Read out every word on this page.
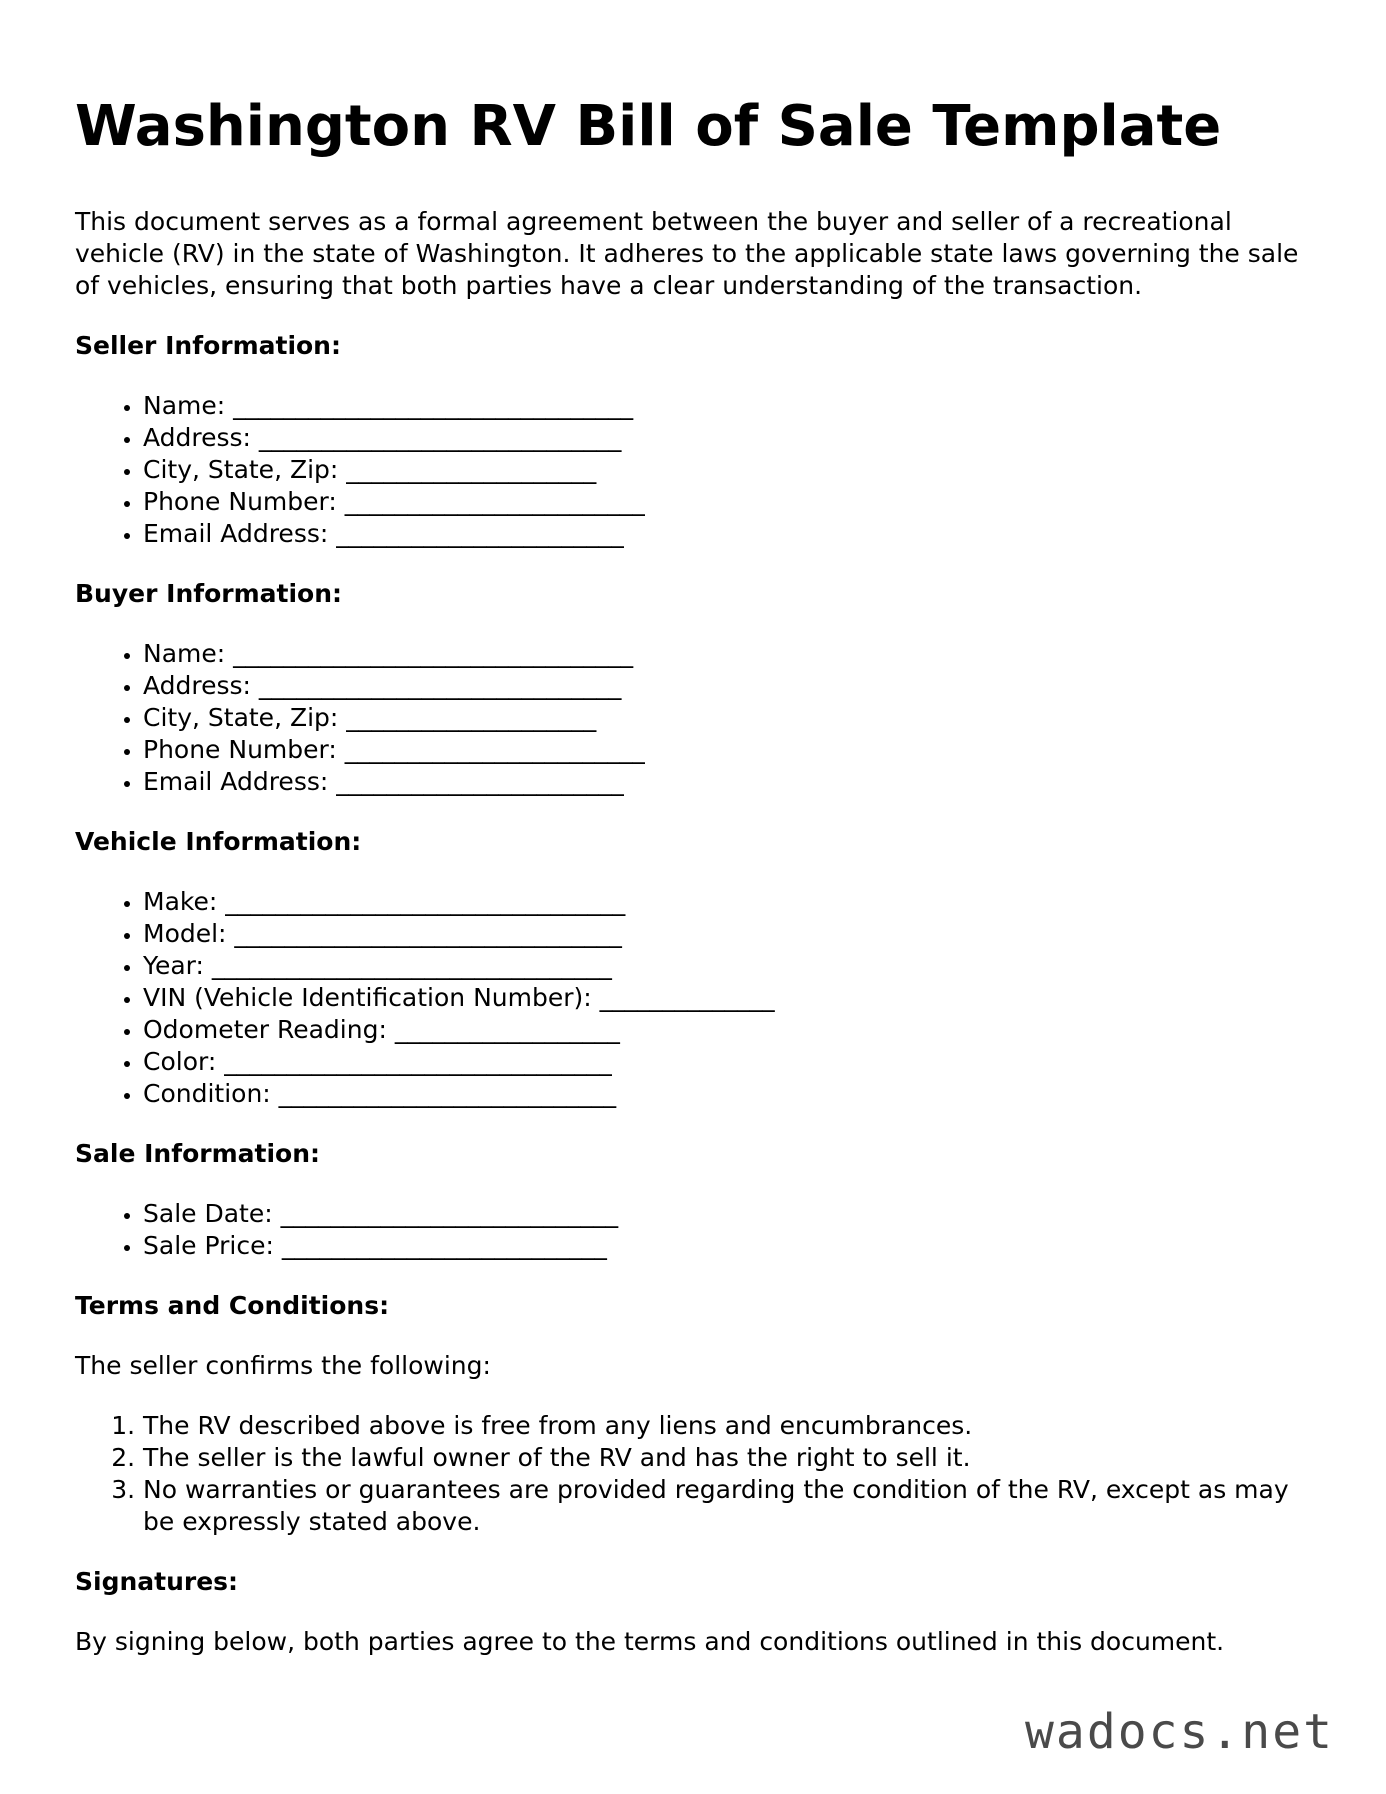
Washington RV Bill of Sale Template

This document serves as a formal agreement between the buyer and seller of a recreational vehicle (RV) in the state of Washington. It adheres to the applicable state laws governing the sale of vehicles, ensuring that both parties have a clear understanding of the transaction.

Seller Information:
• Name: ________________________________
• Address: _____________________________
• City, State, Zip: ____________________
• Phone Number: ________________________
• Email Address: _______________________
Buyer Information:
• Name: ________________________________
• Address: _____________________________
• City, State, Zip: ____________________
• Phone Number: ________________________
• Email Address: _______________________
Vehicle Information:
• Make: ________________________________
• Model: _______________________________
• Year: ________________________________
• VIN (Vehicle Identification Number): ______________
• Odometer Reading: __________________
• Color: _______________________________
• Condition: ___________________________
Sale Information:
• Sale Date: ___________________________
• Sale Price: __________________________
Terms and Conditions:

The seller confirms the following:

1. The RV described above is free from any liens and encumbrances.
2. The seller is the lawful owner of the RV and has the right to sell it.
3. No warranties or guarantees are provided regarding the condition of the RV, except as may be expressly stated above.
Signatures:

By signing below, both parties agree to the terms and conditions outlined in this document.

wadocs.net
